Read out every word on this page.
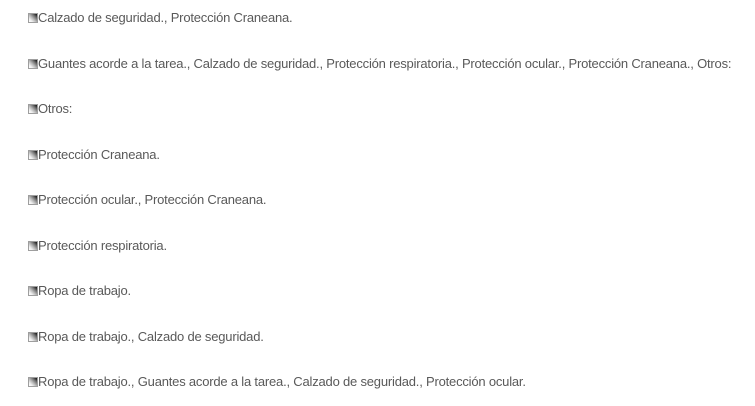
Calzado de seguridad., Protección Craneana.
Guantes acorde a la tarea., Calzado de seguridad., Protección respiratoria., Protección ocular., Protección Craneana., Otros:
Otros:
Protección Craneana.
Protección ocular., Protección Craneana.
Protección respiratoria.
Ropa de trabajo.
Ropa de trabajo., Calzado de seguridad.
Ropa de trabajo., Guantes acorde a la tarea., Calzado de seguridad., Protección ocular.
